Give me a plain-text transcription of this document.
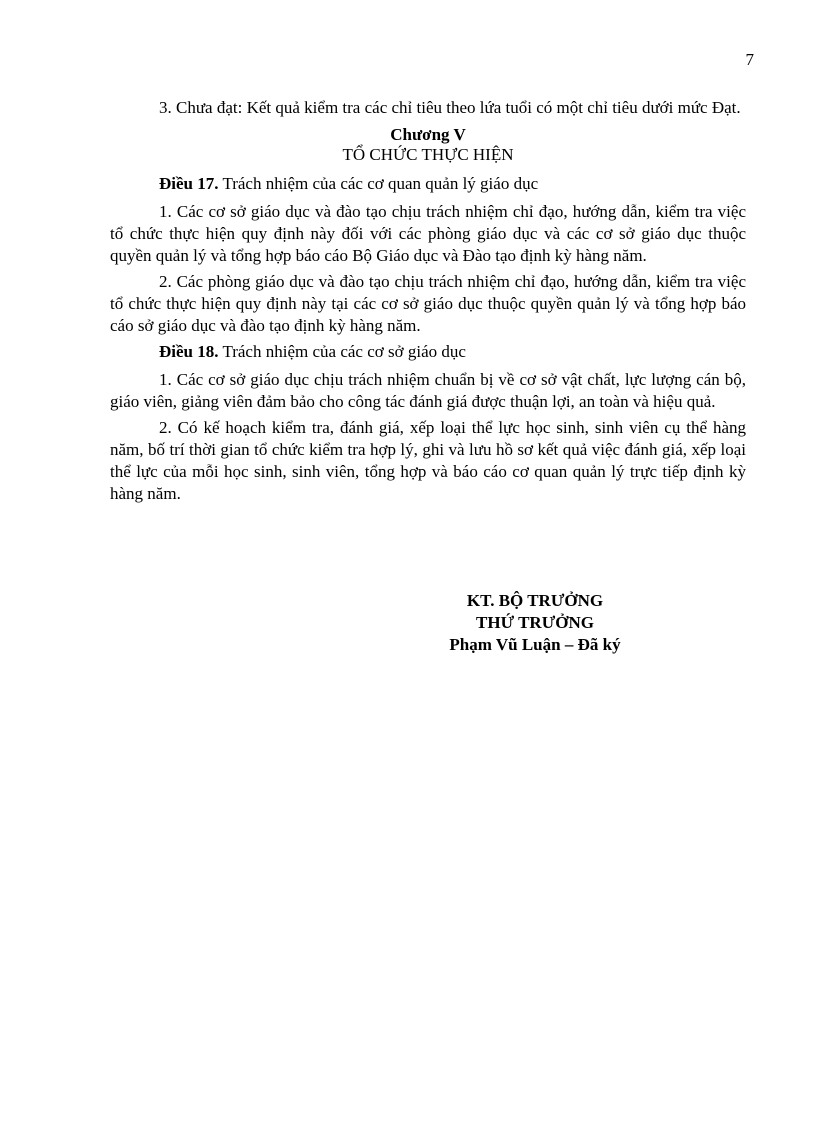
7

3. Chưa đạt: Kết quả kiểm tra các chỉ tiêu theo lứa tuổi có một chỉ tiêu dưới mức Đạt.

Chương V
TỔ CHỨC THỰC HIỆN
Điều 17. Trách nhiệm của các cơ quan quản lý giáo dục

1. Các cơ sở giáo dục và đào tạo chịu trách nhiệm chỉ đạo, hướng dẫn, kiểm tra việc tổ chức thực hiện quy định này đối với các phòng giáo dục và các cơ sở giáo dục thuộc quyền quản lý và tổng hợp báo cáo Bộ Giáo dục và Đào tạo định kỳ hàng năm.

2. Các phòng giáo dục và đào tạo chịu trách nhiệm chỉ đạo, hướng dẫn, kiểm tra việc tổ chức thực hiện quy định này tại các cơ sở giáo dục thuộc quyền quản lý và tổng hợp báo cáo sở giáo dục và đào tạo định kỳ hàng năm.

Điều 18. Trách nhiệm của các cơ sở giáo dục

1. Các cơ sở giáo dục chịu trách nhiệm chuẩn bị về cơ sở vật chất, lực lượng cán bộ, giáo viên, giảng viên đảm bảo cho công tác đánh giá được thuận lợi, an toàn và hiệu quả.

2. Có kế hoạch kiểm tra, đánh giá, xếp loại thể lực học sinh, sinh viên cụ thể hàng năm, bố trí thời gian tổ chức kiểm tra hợp lý, ghi và lưu hồ sơ kết quả việc đánh giá, xếp loại thể lực của mỗi học sinh, sinh viên, tổng hợp và báo cáo cơ quan quản lý trực tiếp định kỳ hàng năm.

KT. BỘ TRƯỞNG
THỨ TRƯỞNG
Phạm Vũ Luận – Đã ký
